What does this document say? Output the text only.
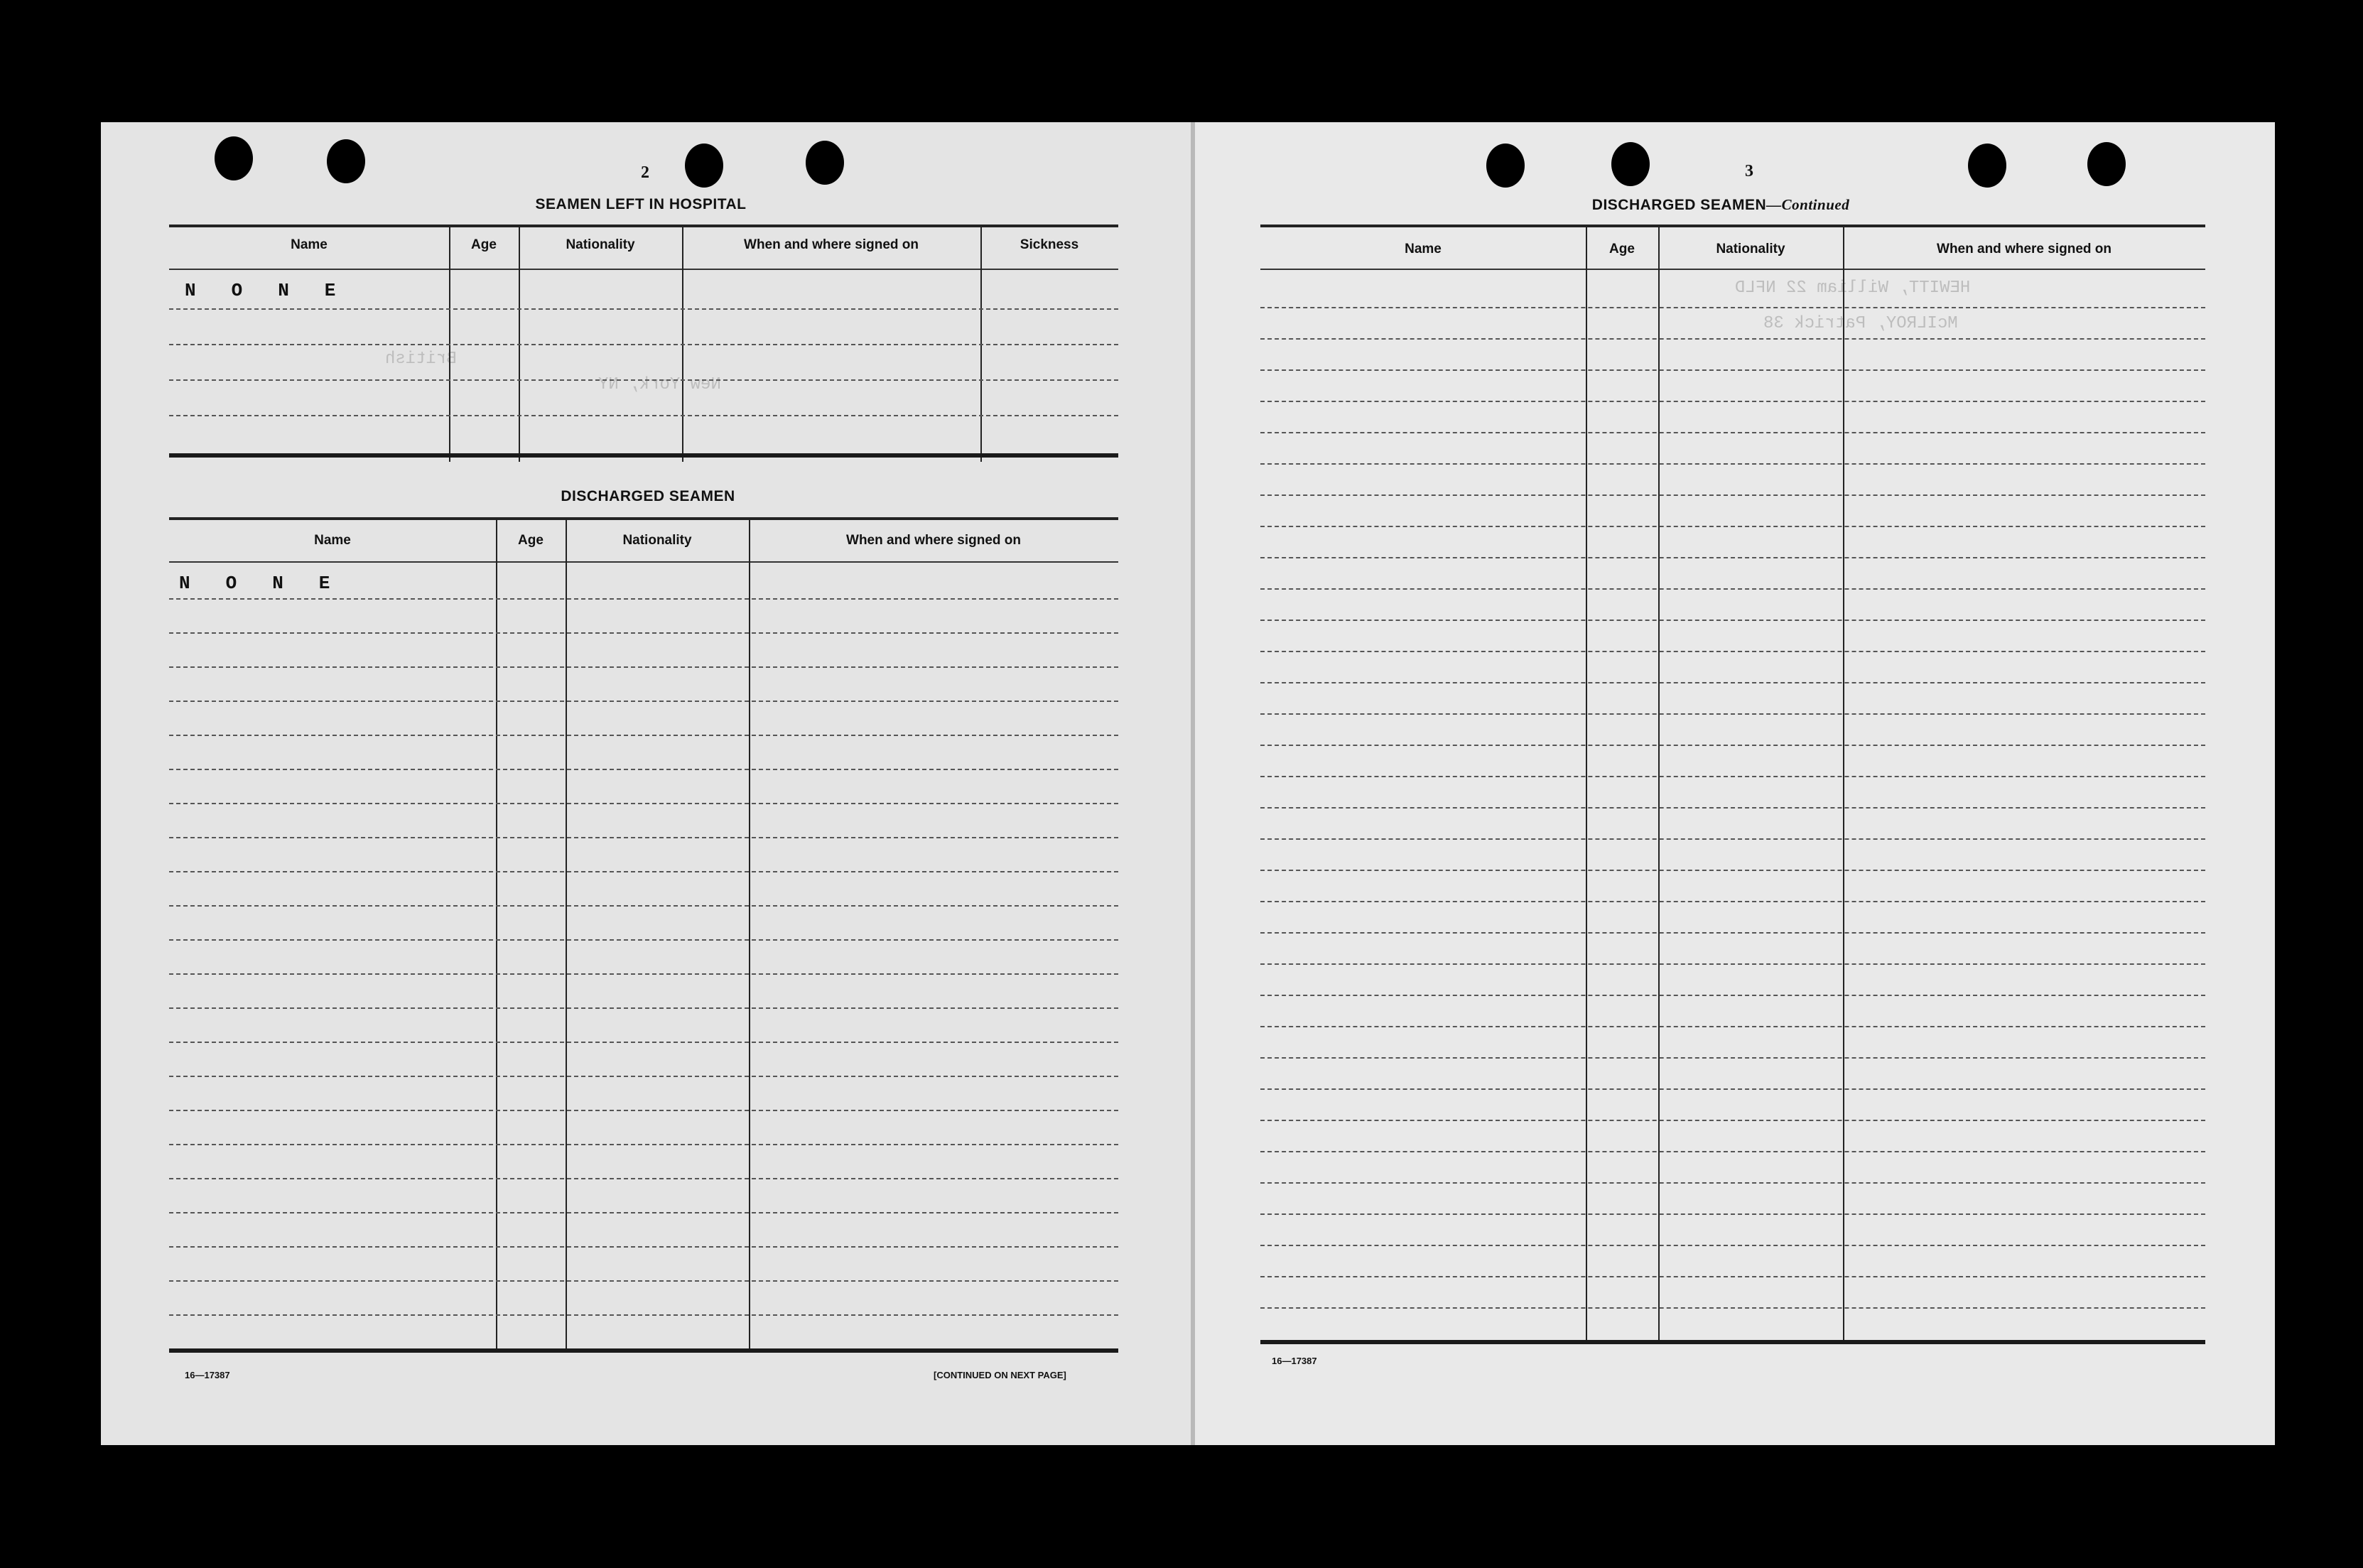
British
New York, NY
2
SEAMEN LEFT IN HOSPITAL
Name	Age	Nationality	When and where signed on	Sickness
NONE
DISCHARGED SEAMEN
Name	Age	Nationality	When and where signed on
NONE
16—17387	[CONTINUED ON NEXT PAGE]
HEWITT, William 22 NFLD
McILROY, Patrick 38
3
DISCHARGED SEAMEN—Continued
Name	Age	Nationality	When and where signed on
16—17387
